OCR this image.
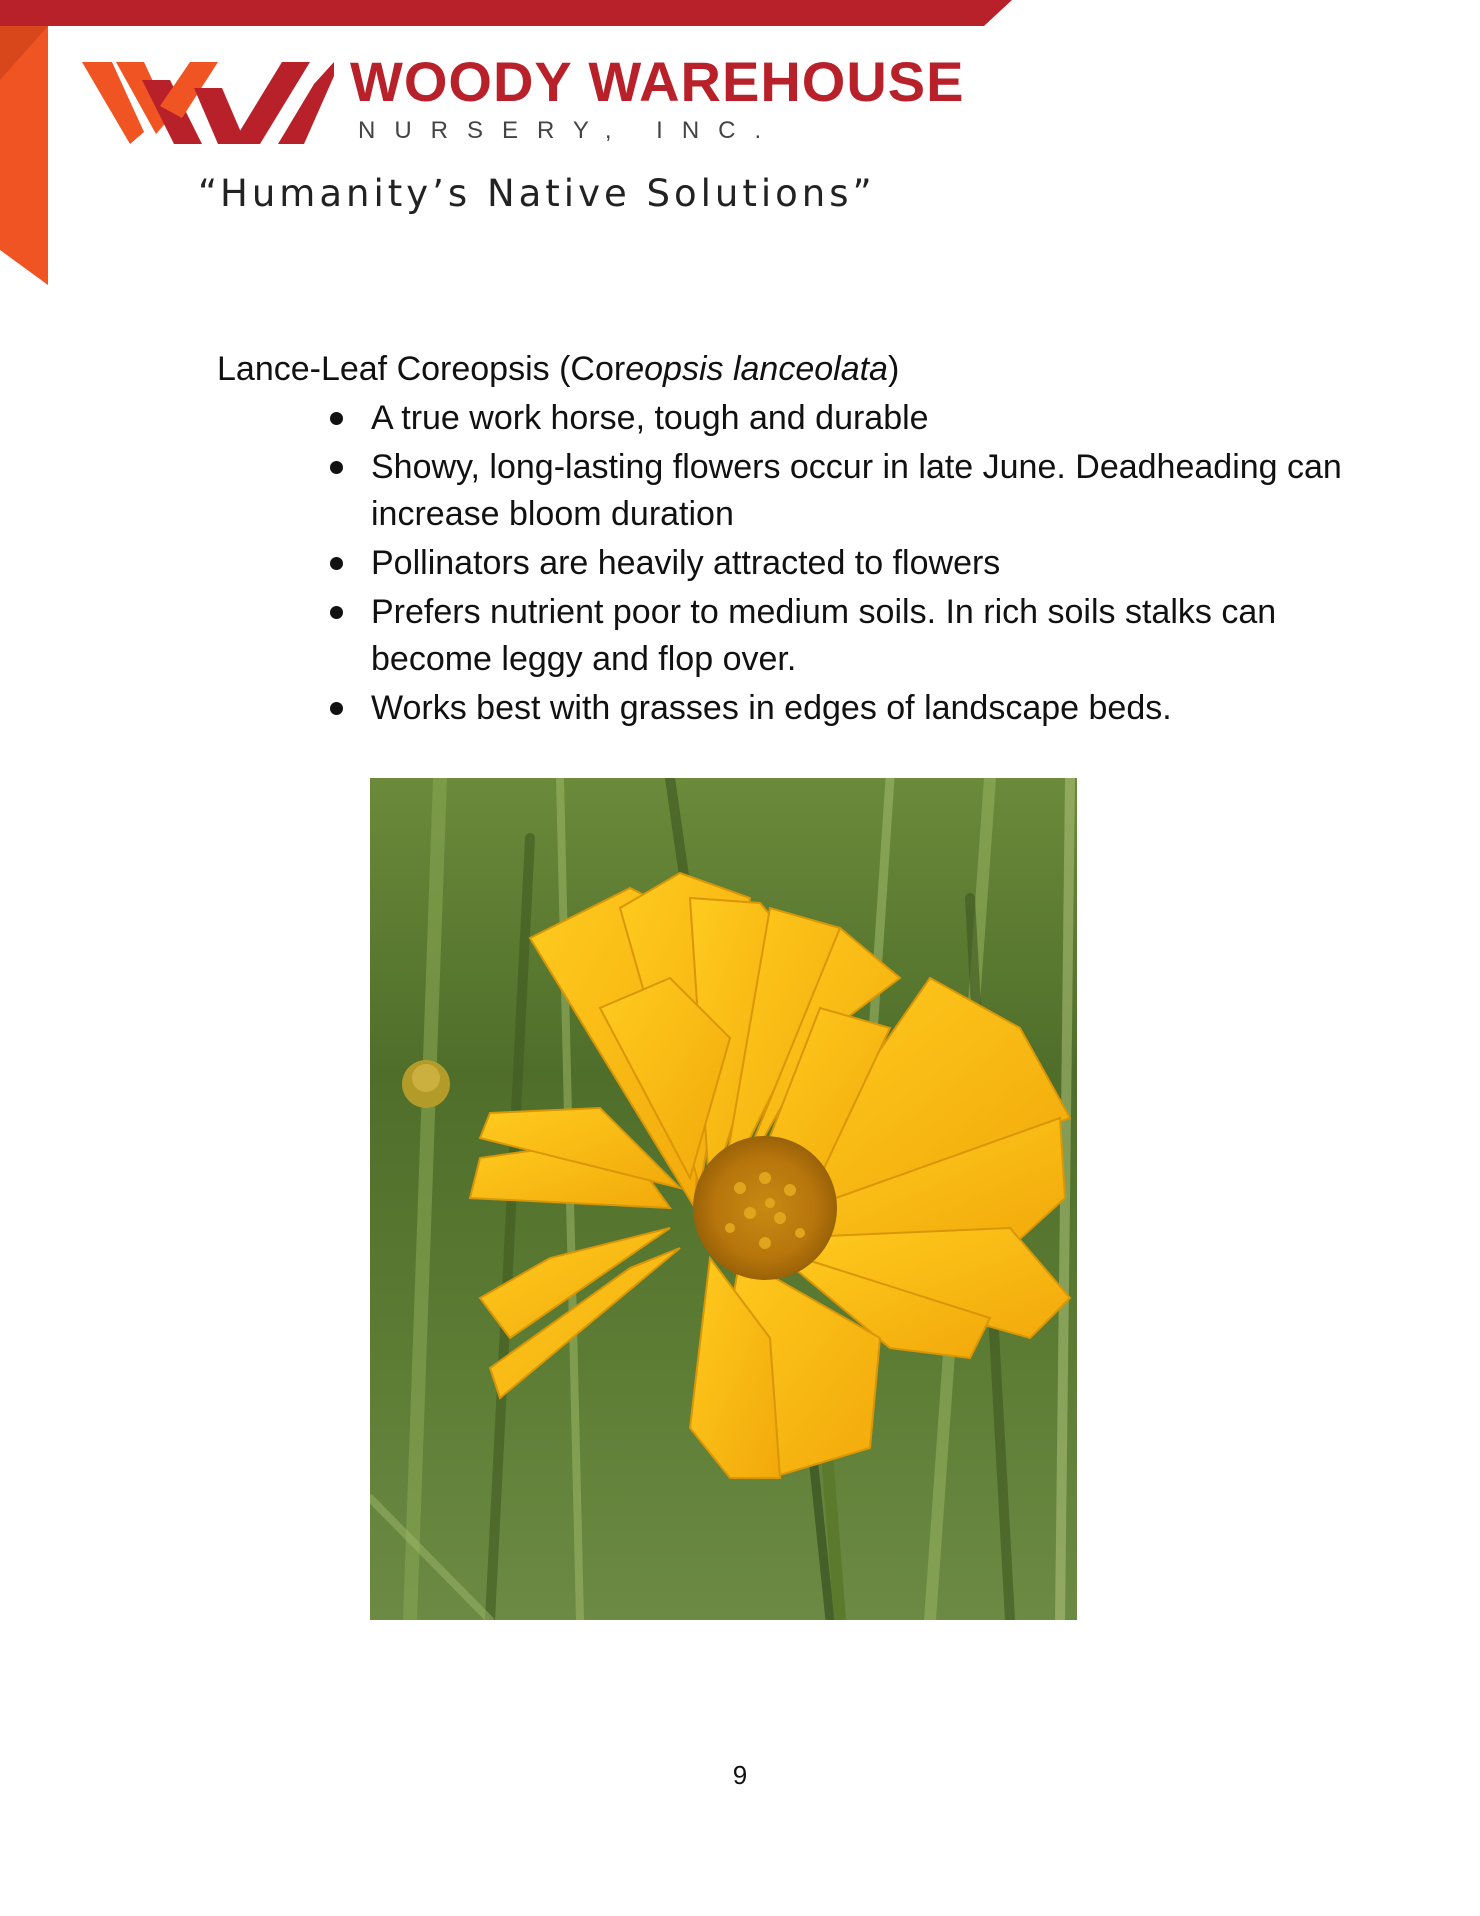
WOODY WAREHOUSE
NURSERY, INC.
“Humanity’s Native Solutions”
Lance-Leaf Coreopsis (Coreopsis lanceolata)
A true work horse, tough and durable
Showy, long-lasting flowers occur in late June. Deadheading can increase bloom duration
Pollinators are heavily attracted to flowers
Prefers nutrient poor to medium soils. In rich soils stalks can become leggy and flop over.
Works best with grasses in edges of landscape beds.
9
